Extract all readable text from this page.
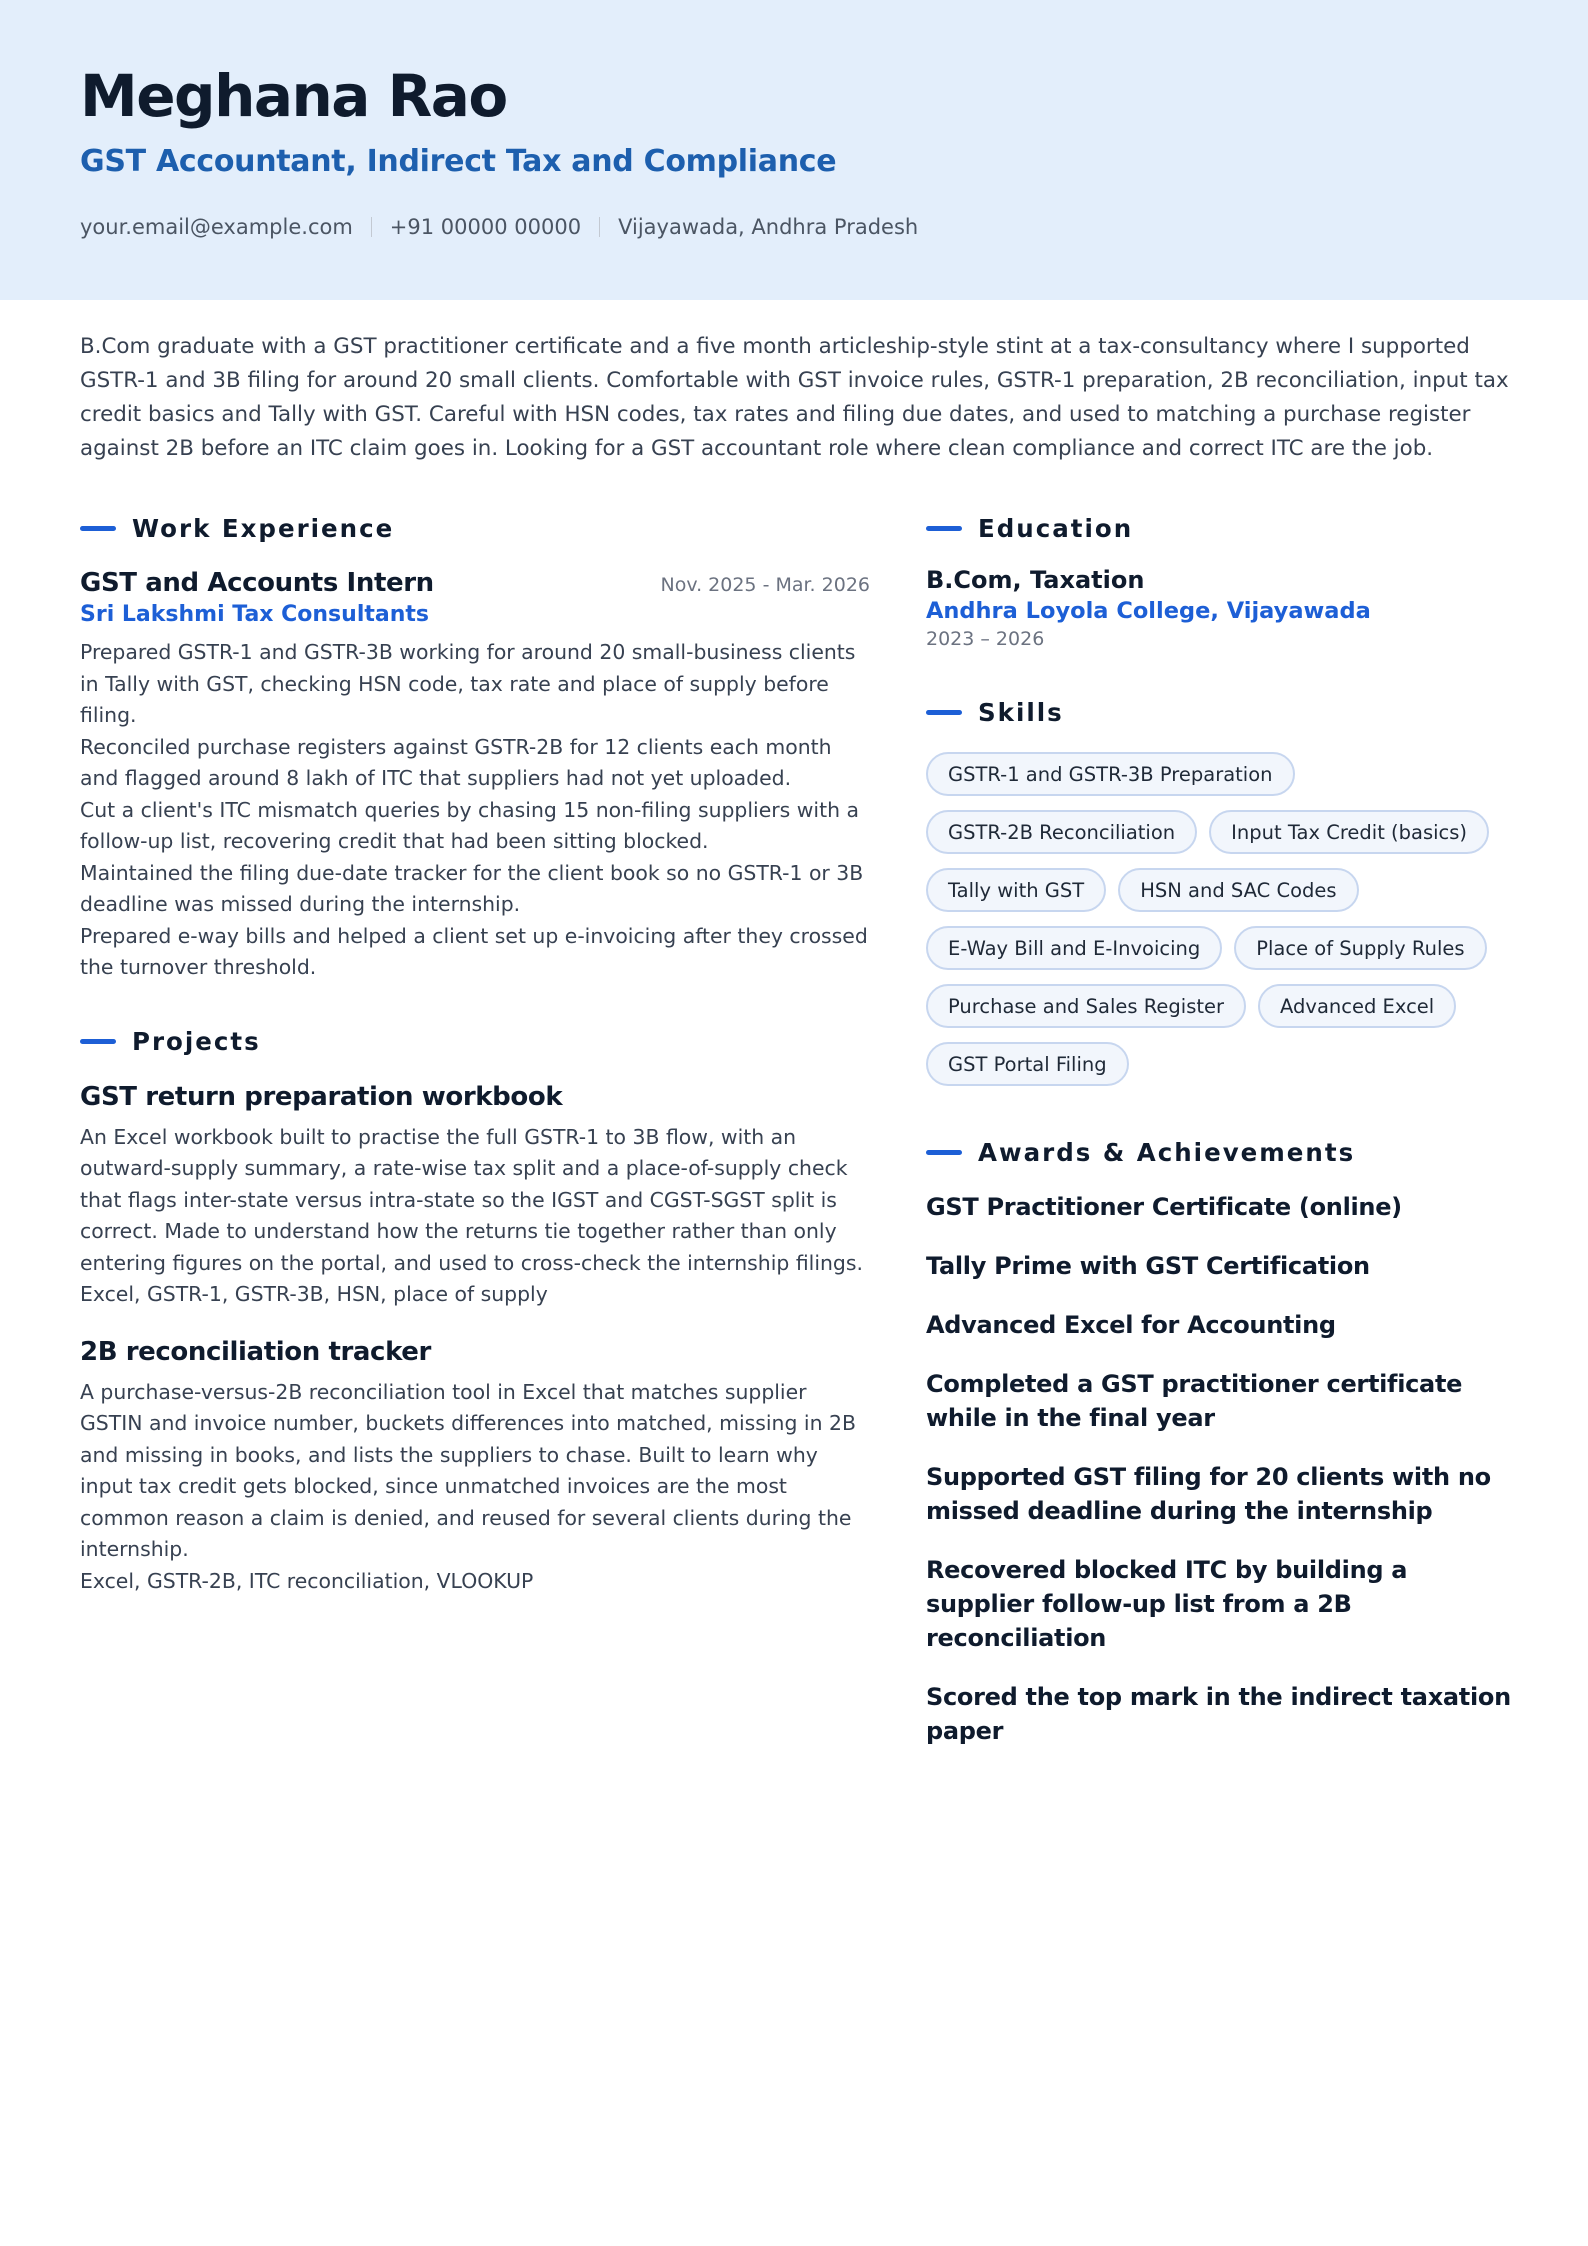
Meghana Rao
GST Accountant, Indirect Tax and Compliance
your.email@example.com +91 00000 00000 Vijayawada, Andhra Pradesh

B.Com graduate with a GST practitioner certificate and a five month articleship-style stint at a tax-consultancy where I supported GSTR-1 and 3B filing for around 20 small clients. Comfortable with GST invoice rules, GSTR-1 preparation, 2B reconciliation, input tax credit basics and Tally with GST. Careful with HSN codes, tax rates and filing due dates, and used to matching a purchase register against 2B before an ITC claim goes in. Looking for a GST accountant role where clean compliance and correct ITC are the job.

Work Experience
GST and Accounts Intern	Nov. 2025 - Mar. 2026
Sri Lakshmi Tax Consultants
Prepared GSTR-1 and GSTR-3B working for around 20 small-business clients in Tally with GST, checking HSN code, tax rate and place of supply before filing.
Reconciled purchase registers against GSTR-2B for 12 clients each month and flagged around 8 lakh of ITC that suppliers had not yet uploaded.
Cut a client's ITC mismatch queries by chasing 15 non-filing suppliers with a follow-up list, recovering credit that had been sitting blocked.
Maintained the filing due-date tracker for the client book so no GSTR-1 or 3B deadline was missed during the internship.
Prepared e-way bills and helped a client set up e-invoicing after they crossed the turnover threshold.
Projects
GST return preparation workbook
An Excel workbook built to practise the full GSTR-1 to 3B flow, with an outward-supply summary, a rate-wise tax split and a place-of-supply check that flags inter-state versus intra-state so the IGST and CGST-SGST split is correct. Made to understand how the returns tie together rather than only entering figures on the portal, and used to cross-check the internship filings.
Excel, GSTR-1, GSTR-3B, HSN, place of supply
2B reconciliation tracker
A purchase-versus-2B reconciliation tool in Excel that matches supplier GSTIN and invoice number, buckets differences into matched, missing in 2B and missing in books, and lists the suppliers to chase. Built to learn why input tax credit gets blocked, since unmatched invoices are the most common reason a claim is denied, and reused for several clients during the internship.
Excel, GSTR-2B, ITC reconciliation, VLOOKUP
Education
B.Com, Taxation
Andhra Loyola College, Vijayawada
2023 – 2026
Skills
GSTR-1 and GSTR-3B Preparation
GSTR-2B Reconciliation	Input Tax Credit (basics)
Tally with GST	HSN and SAC Codes
E-Way Bill and E-Invoicing	Place of Supply Rules
Purchase and Sales Register	Advanced Excel
GST Portal Filing
Awards & Achievements
GST Practitioner Certificate (online)
Tally Prime with GST Certification
Advanced Excel for Accounting
Completed a GST practitioner certificate while in the final year
Supported GST filing for 20 clients with no missed deadline during the internship
Recovered blocked ITC by building a supplier follow-up list from a 2B reconciliation
Scored the top mark in the indirect taxation paper
